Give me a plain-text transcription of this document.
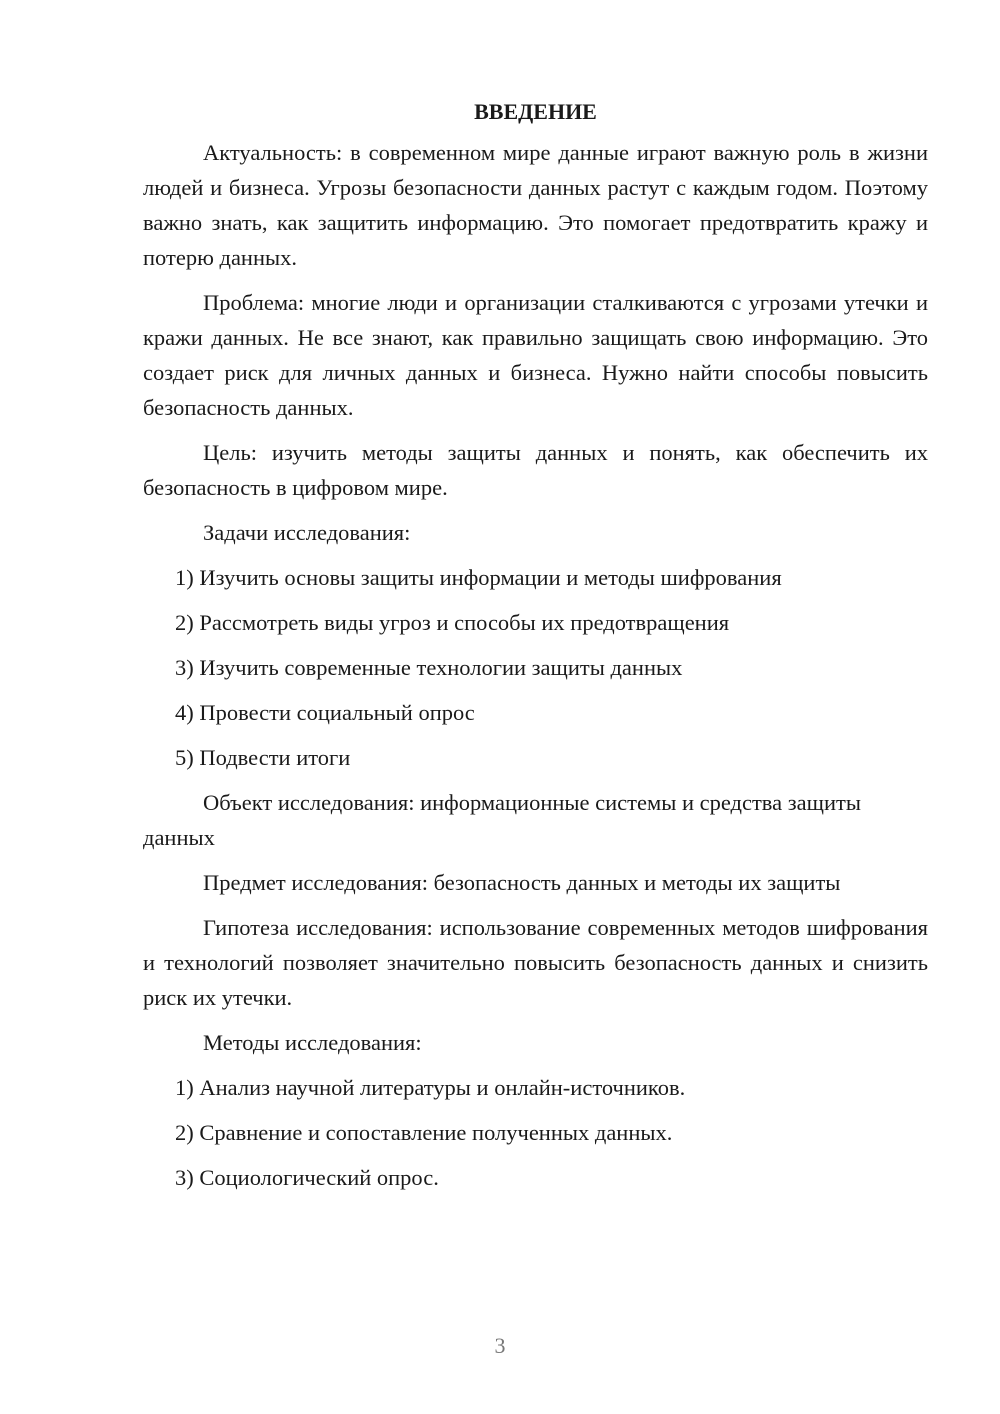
ВВЕДЕНИЕ

Актуальность: в современном мире данные играют важную роль в жизни людей и бизнеса. Угрозы безопасности данных растут с каждым годом. Поэтому важно знать, как защитить информацию. Это помогает предотвратить кражу и потерю данных.

Проблема: многие люди и организации сталкиваются с угрозами утечки и кражи данных. Не все знают, как правильно защищать свою информацию. Это создает риск для личных данных и бизнеса. Нужно найти способы повысить безопасность данных.

Цель: изучить методы защиты данных и понять, как обеспечить их безопасность в цифровом мире.

Задачи исследования:

1) Изучить основы защиты информации и методы шифрования
2) Рассмотреть виды угроз и способы их предотвращения
3) Изучить современные технологии защиты данных
4) Провести социальный опрос
5) Подвести итоги

Объект исследования: информационные системы и средства защиты данных

Предмет исследования: безопасность данных и методы их защиты

Гипотеза исследования: использование современных методов шифрования и технологий позволяет значительно повысить безопасность данных и снизить риск их утечки.

Методы исследования:

1) Анализ научной литературы и онлайн-источников.
2) Сравнение и сопоставление полученных данных.
3) Социологический опрос.
3
